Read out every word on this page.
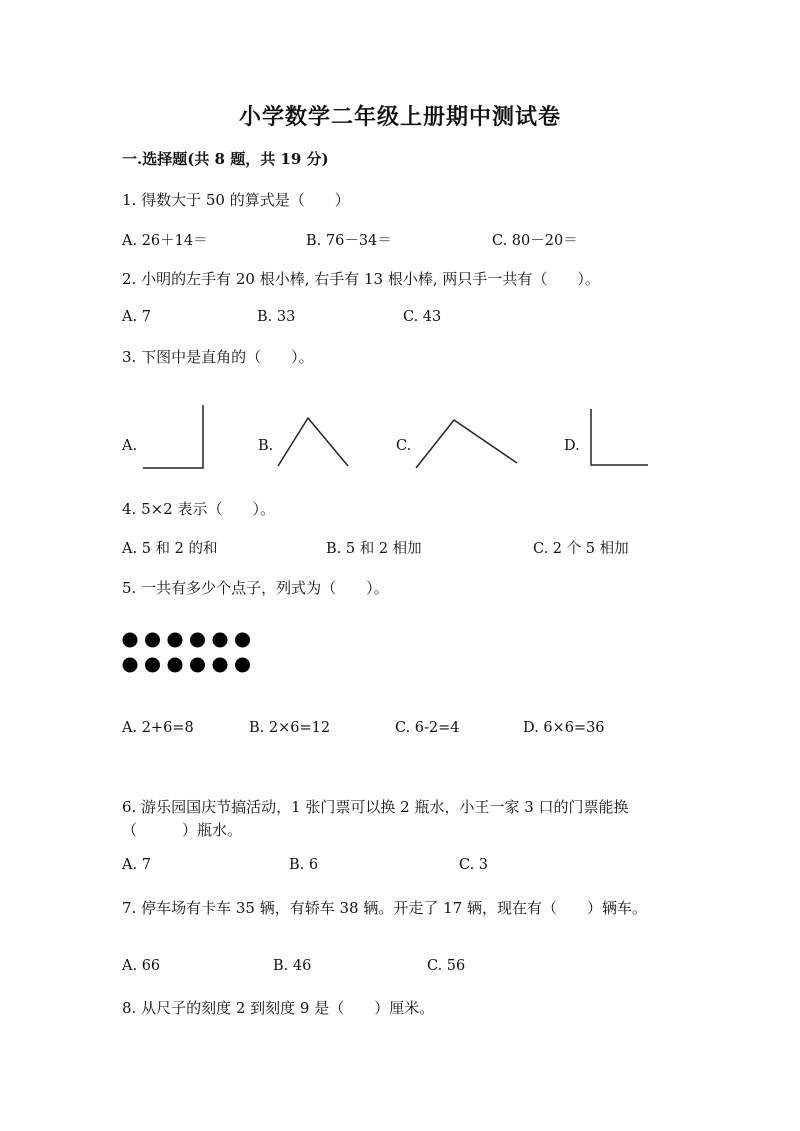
小学数学二年级上册期中测试卷
一.选择题(共 8 题，共 19 分)
1. 得数大于 50 的算式是（　　）
A. 26＋14＝	B. 76－34＝	C. 80－20＝
2. 小明的左手有 20 根小棒, 右手有 13 根小棒, 两只手一共有（　　）。
A. 7	B. 33	C. 43
3. 下图中是直角的（　　）。
A.	B.	C.	D.
4. 5×2 表示（　　）。
A. 5 和 2 的和	B. 5 和 2 相加	C. 2 个 5 相加
5. 一共有多少个点子，列式为（　　）。
A. 2+6=8	B. 2×6=12	C. 6-2=4	D. 6×6=36
6. 游乐园国庆节搞活动，1 张门票可以换 2 瓶水，小王一家 3 口的门票能换
（　　　）瓶水。
A. 7	B. 6	C. 3
7. 停车场有卡车 35 辆，有轿车 38 辆。开走了 17 辆，现在有（　　）辆车。
A. 66	B. 46	C. 56
8. 从尺子的刻度 2 到刻度 9 是（　　）厘米。
